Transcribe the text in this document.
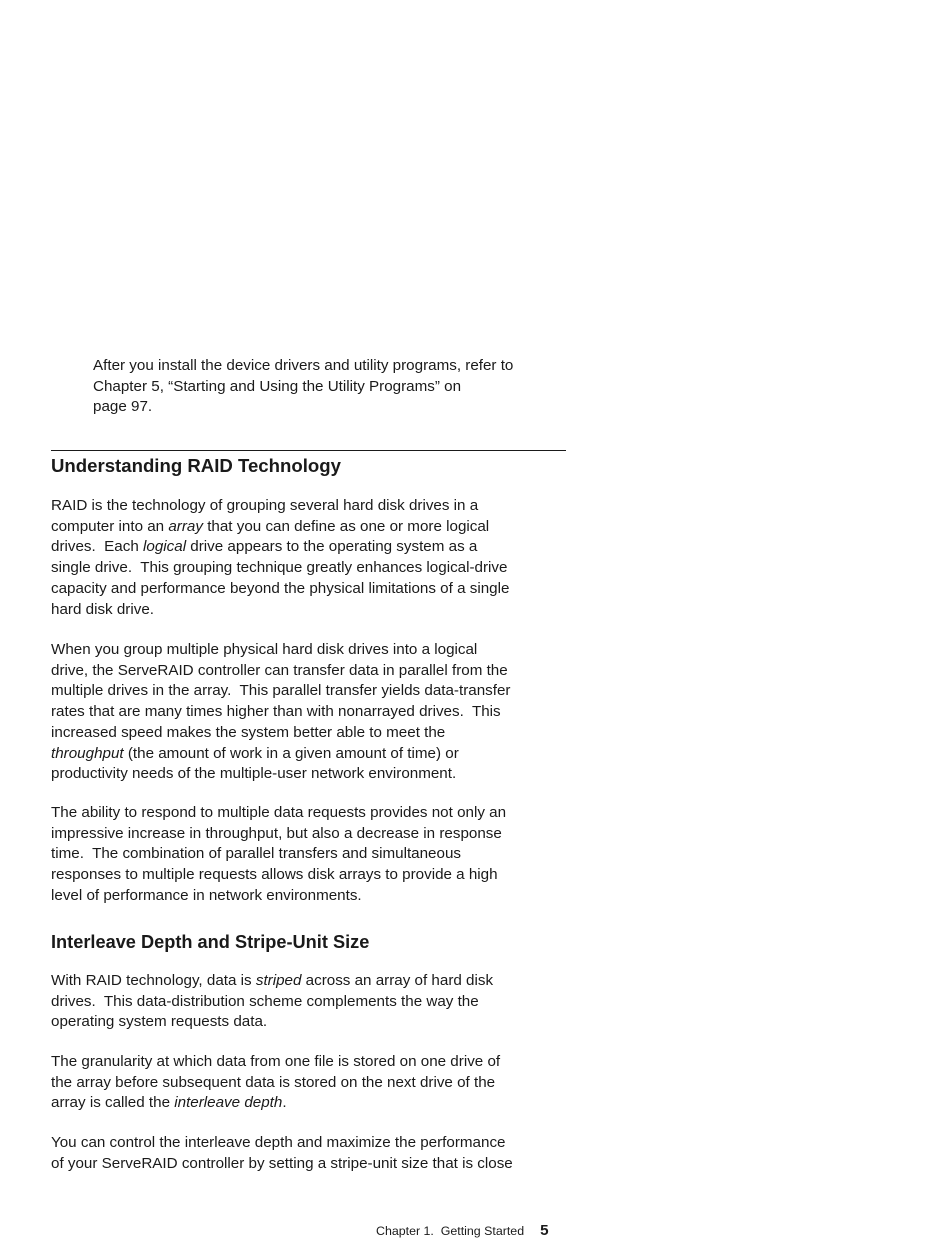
After you install the device drivers and utility programs, refer to
Chapter 5, “Starting and Using the Utility Programs” on
page 97.

Understanding RAID Technology

RAID is the technology of grouping several hard disk drives in a
computer into an array that you can define as one or more logical
drives.  Each logical drive appears to the operating system as a
single drive.  This grouping technique greatly enhances logical-drive
capacity and performance beyond the physical limitations of a single
hard disk drive.

When you group multiple physical hard disk drives into a logical
drive, the ServeRAID controller can transfer data in parallel from the
multiple drives in the array.  This parallel transfer yields data-transfer
rates that are many times higher than with nonarrayed drives.  This
increased speed makes the system better able to meet the
throughput (the amount of work in a given amount of time) or
productivity needs of the multiple-user network environment.

The ability to respond to multiple data requests provides not only an
impressive increase in throughput, but also a decrease in response
time.  The combination of parallel transfers and simultaneous
responses to multiple requests allows disk arrays to provide a high
level of performance in network environments.

Interleave Depth and Stripe-Unit Size

With RAID technology, data is striped across an array of hard disk
drives.  This data-distribution scheme complements the way the
operating system requests data.

The granularity at which data from one file is stored on one drive of
the array before subsequent data is stored on the next drive of the
array is called the interleave depth.

You can control the interleave depth and maximize the performance
of your ServeRAID controller by setting a stripe-unit size that is close

Chapter 1.  Getting Started 5
